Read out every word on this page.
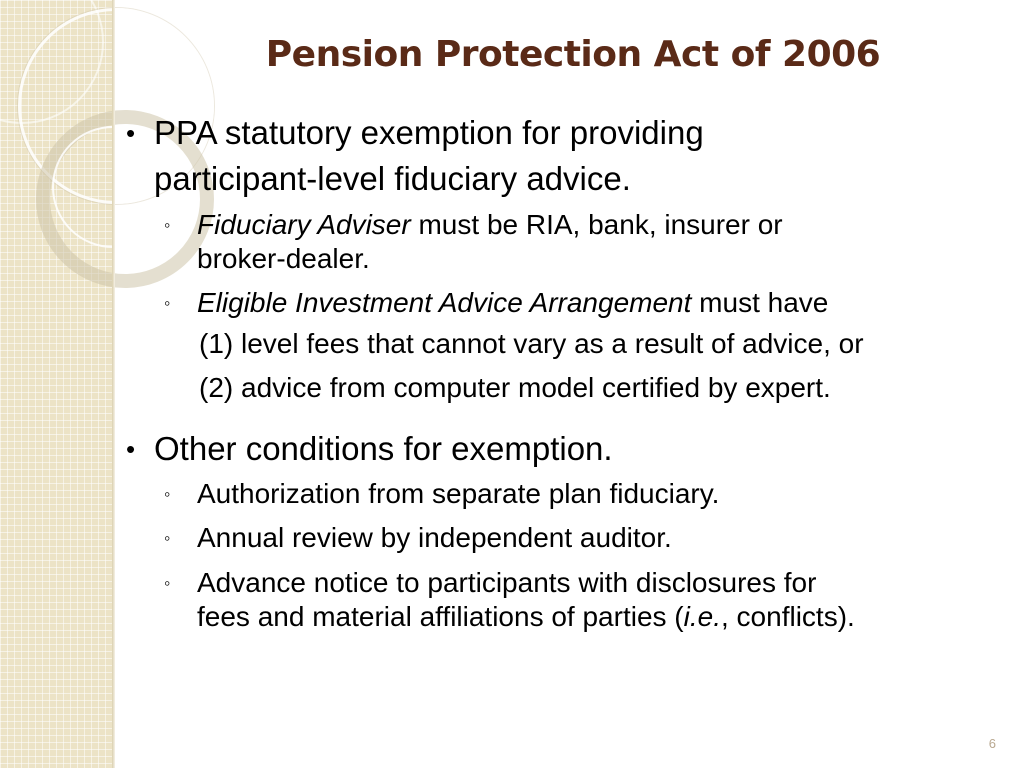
Pension Protection Act of 2006
• PPA statutory exemption for providing
participant-level fiduciary advice.
◦ Fiduciary Adviser must be RIA, bank, insurer or
broker-dealer.
◦ Eligible Investment Advice Arrangement must have
(1) level fees that cannot vary as a result of advice, or
(2) advice from computer model certified by expert.
• Other conditions for exemption.
◦ Authorization from separate plan fiduciary.
◦ Annual review by independent auditor.
◦ Advance notice to participants with disclosures for
fees and material affiliations of parties (i.e., conflicts).
6
